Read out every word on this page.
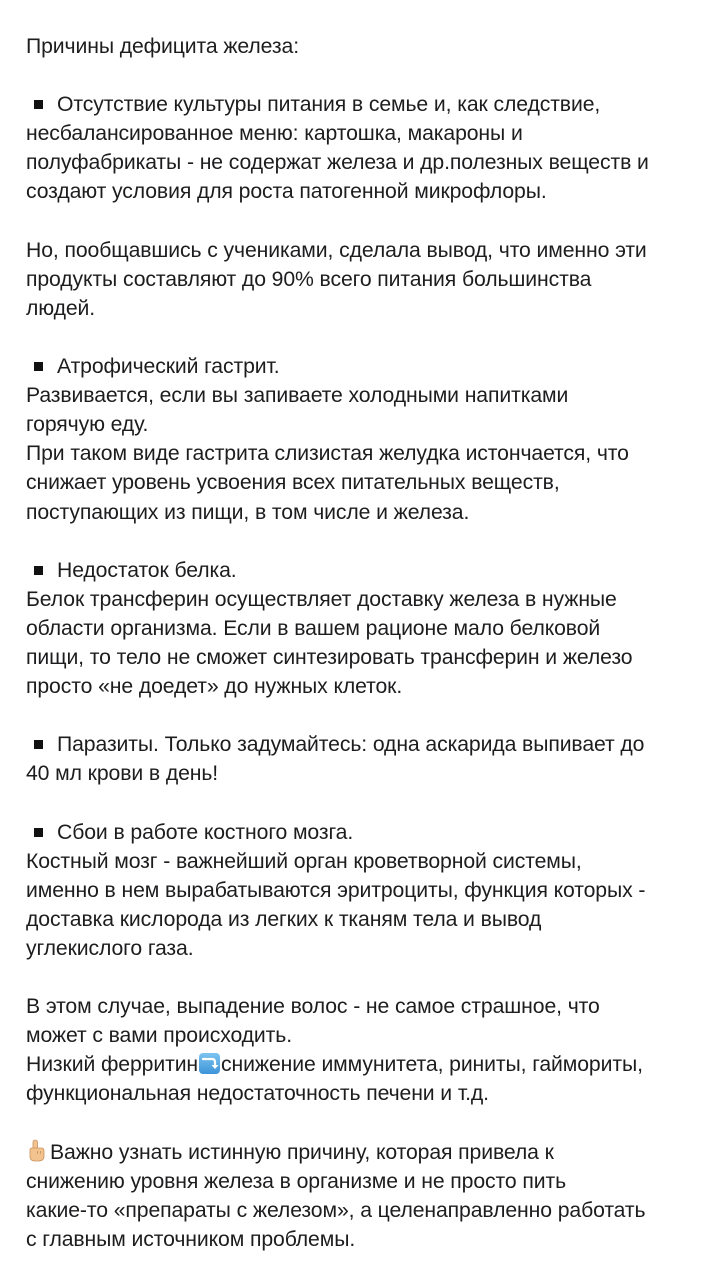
Причины дефицита железа:
Отсутствие культуры питания в семье и, как следствие,
несбалансированное меню: картошка, макароны и
полуфабрикаты - не содержат железа и др.полезных веществ и
создают условия для роста патогенной микрофлоры.
Но, пообщавшись с учениками, сделала вывод, что именно эти
продукты составляют до 90% всего питания большинства
людей.
Атрофический гастрит.
Развивается, если вы запиваете холодными напитками
горячую еду.
При таком виде гастрита слизистая желудка истончается, что
снижает уровень усвоения всех питательных веществ,
поступающих из пищи, в том числе и железа.
Недостаток белка.
Белок трансферин осуществляет доставку железа в нужные
области организма. Если в вашем рационе мало белковой
пищи, то тело не сможет синтезировать трансферин и железо
просто «не доедет» до нужных клеток.
Паразиты. Только задумайтесь: одна аскарида выпивает до
40 мл крови в день!
Сбои в работе костного мозга.
Костный мозг - важнейший орган кроветворной системы,
именно в нем вырабатываются эритроциты, функция которых -
доставка кислорода из легких к тканям тела и вывод
углекислого газа.
В этом случае, выпадение волос - не самое страшное, что
может с вами происходить.
Низкий ферритин снижение иммунитета, риниты, гаймориты,
функциональная недостаточность печени и т.д.
Важно узнать истинную причину, которая привела к
снижению уровня железа в организме и не просто пить
какие-то «препараты с железом», а целенаправленно работать
с главным источником проблемы.
